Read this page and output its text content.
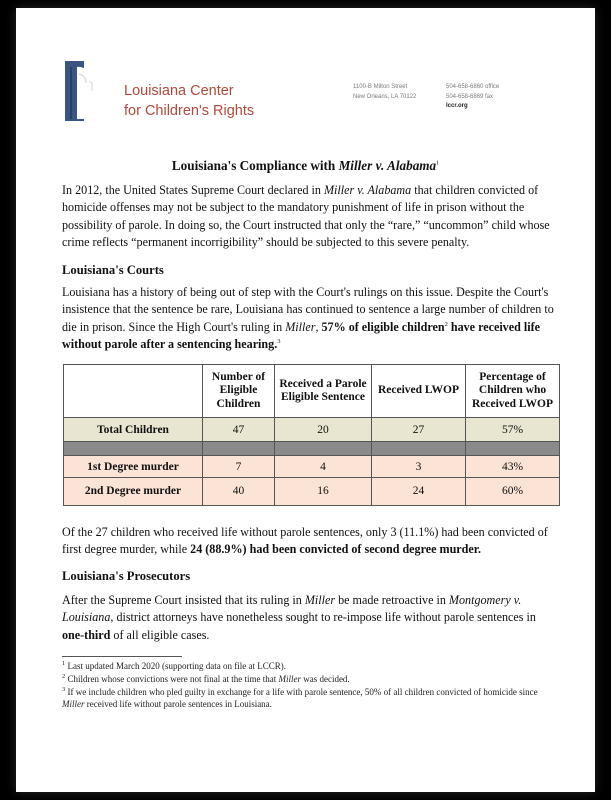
Louisiana Center
for Children's Rights
1100-B Milton Street
New Orleans, LA 70122
504-658-6860 office
504-658-6869 fax
lccr.org
Louisiana's Compliance with Miller v. Alabama$^1$
In 2012, the United States Supreme Court declared in Miller v. Alabama that children convicted of homicide offenses may not be subject to the mandatory punishment of life in prison without the possibility of parole. In doing so, the Court instructed that only the “rare,” “uncommon” child whose crime reflects “permanent incorrigibility” should be subjected to this severe penalty.
Louisiana's Courts
Louisiana has a history of being out of step with the Court's rulings on this issue. Despite the Court's insistence that the sentence be rare, Louisiana has continued to sentence a large number of children to die in prison. Since the High Court's ruling in Miller, 57% of eligible children$^2$ have received life without parole after a sentencing hearing.$^3$
	Number of Eligible Children	Received a Parole Eligible Sentence	Received LWOP	Percentage of Children who Received LWOP
Total Children	47	20	27	57%

1st Degree murder	7	4	3	43%
2nd Degree murder	40	16	24	60%
Of the 27 children who received life without parole sentences, only 3 (11.1%) had been convicted of first degree murder, while 24 (88.9%) had been convicted of second degree murder.
Louisiana's Prosecutors
After the Supreme Court insisted that its ruling in Miller be made retroactive in Montgomery v. Louisiana, district attorneys have nonetheless sought to re-impose life without parole sentences in one-third of all eligible cases.
$^1$ Last updated March 2020 (supporting data on file at LCCR).
$^2$ Children whose convictions were not final at the time that Miller was decided.
$^3$ If we include children who pled guilty in exchange for a life with parole sentence, 50% of all children convicted of homicide since Miller received life without parole sentences in Louisiana.
